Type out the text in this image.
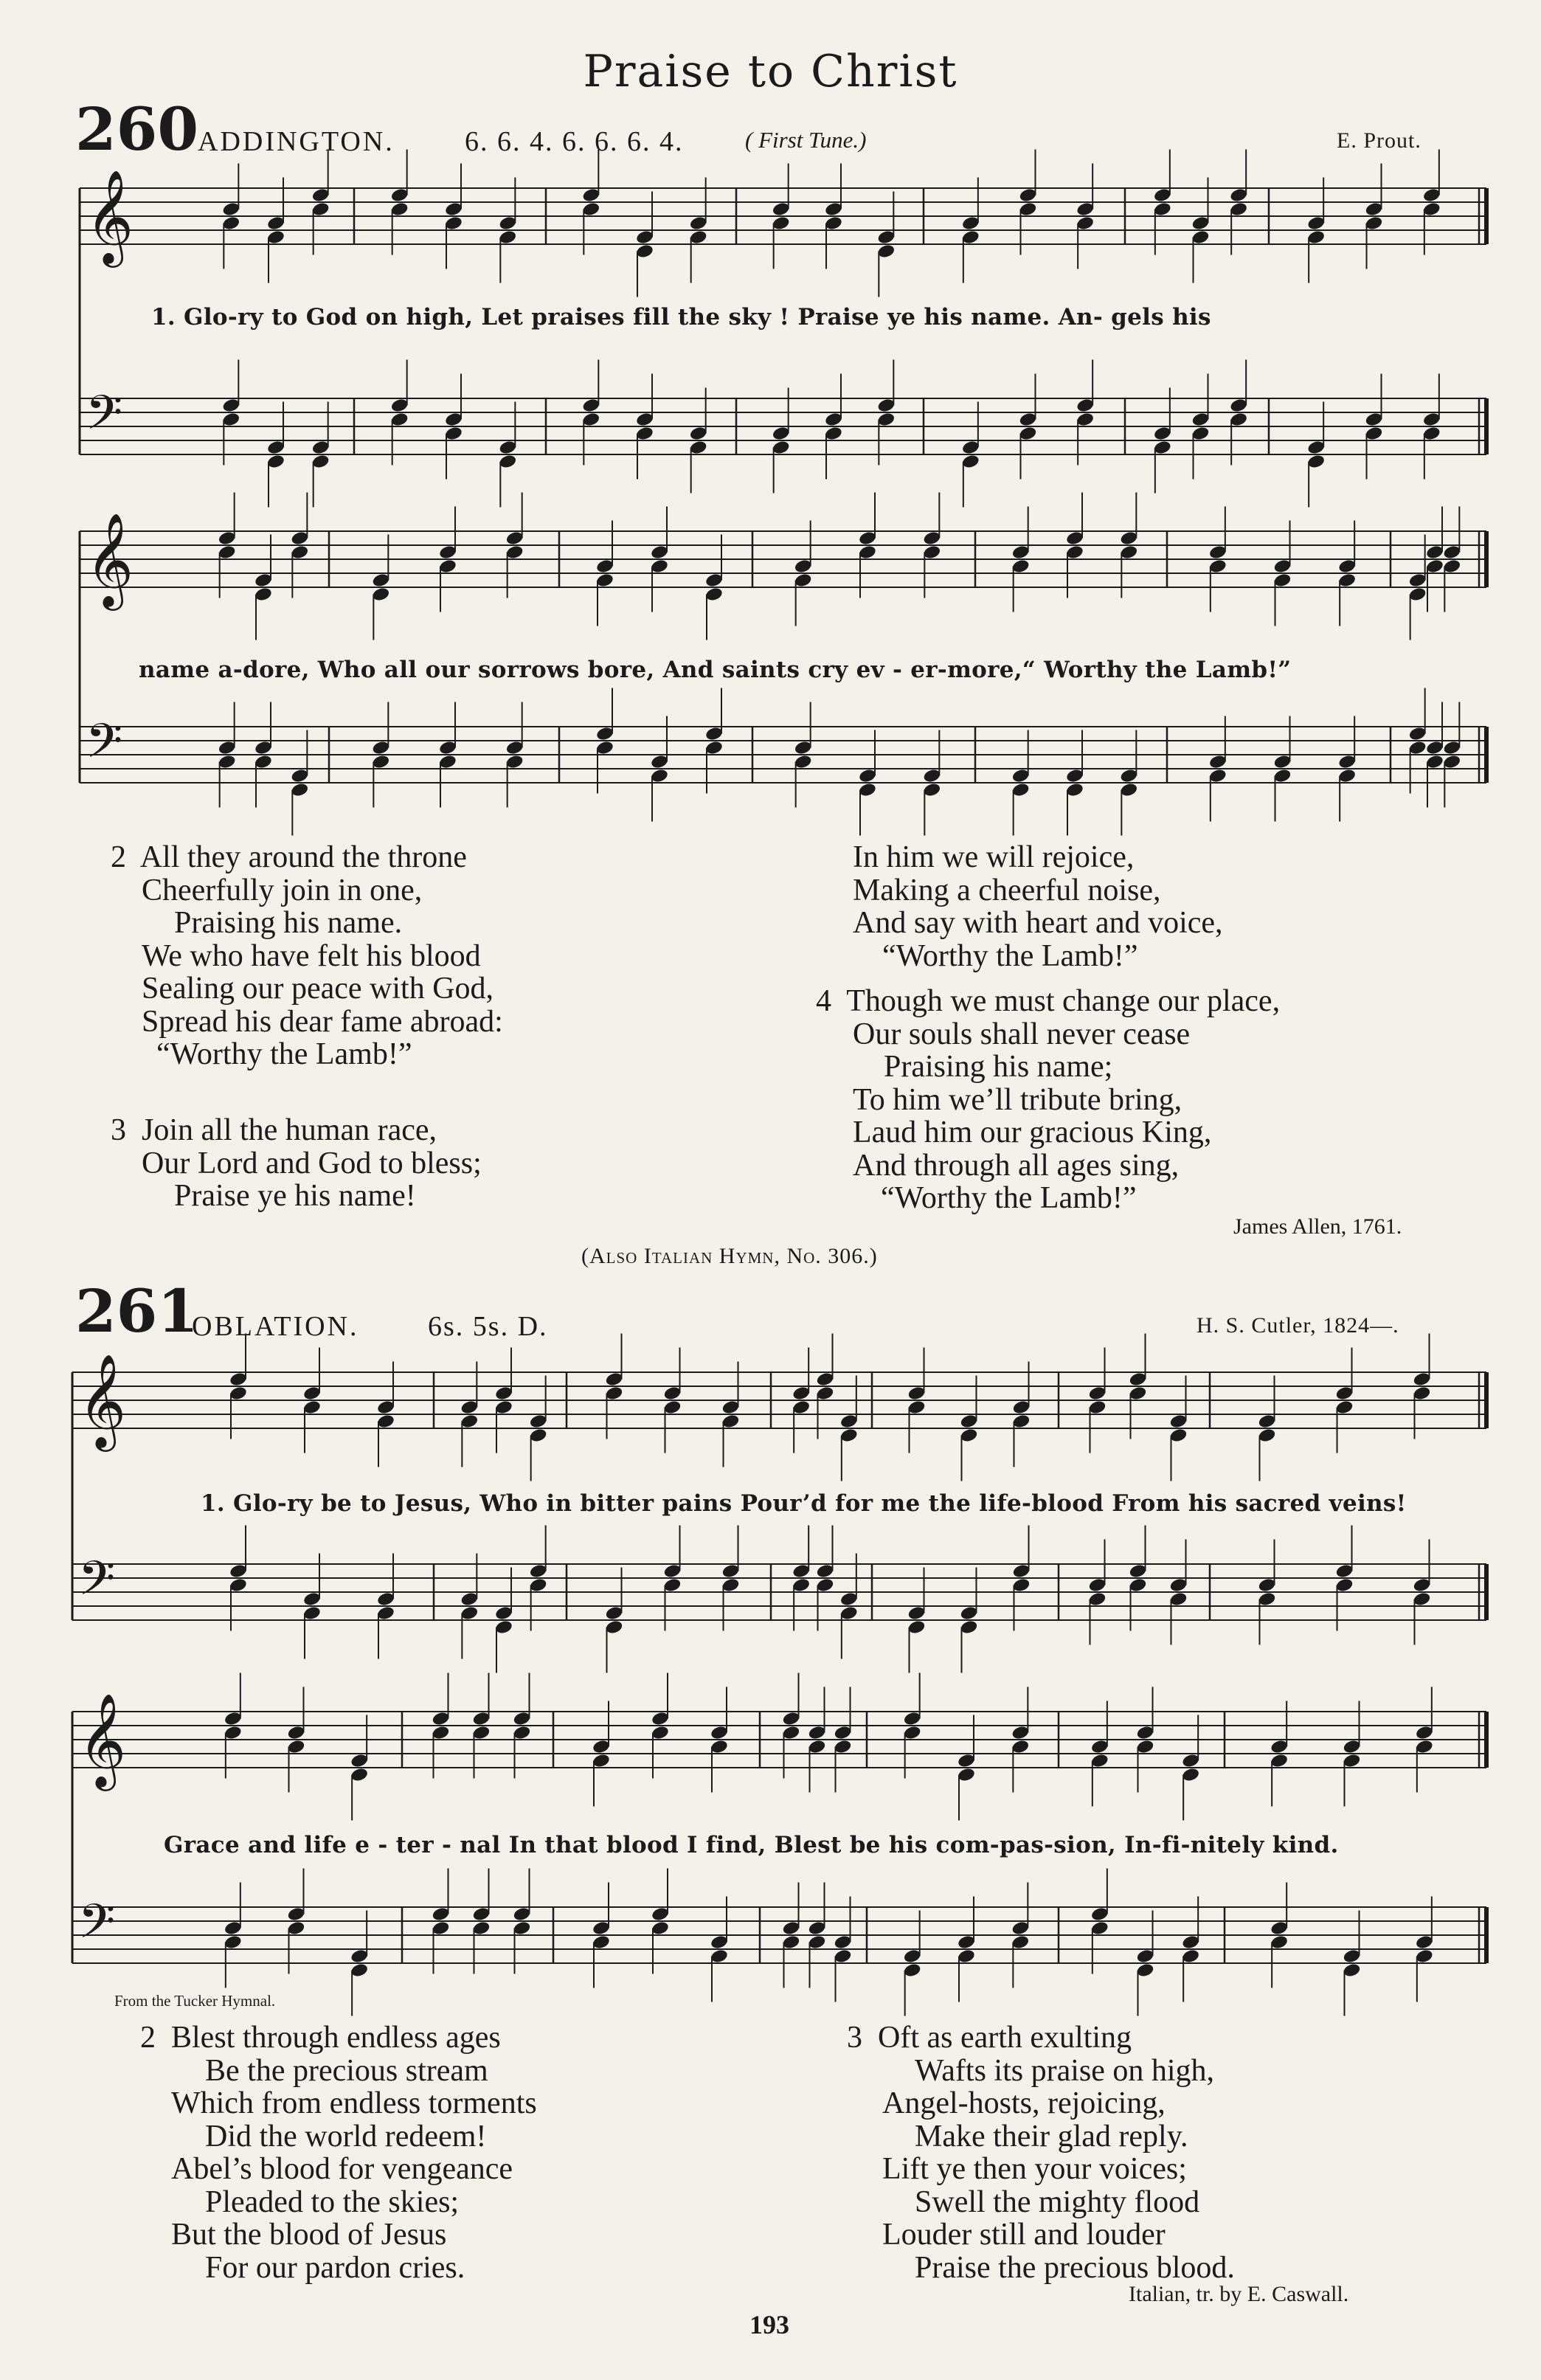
Praise to Christ
260 ADDINGTON.	6. 6. 4. 6. 6. 6. 4.	( First Tune.)	E. Prout.
𝄞
𝄢
𝄞
𝄢
𝄞
𝄢
𝄞
𝄢
1. Glo-ry to God on high, Let praises fill the sky ! Praise ye his name. An- gels his
name a-dore, Who all our sorrows bore, And saints cry ev - er-more,“ Worthy the Lamb!”
2 All they around the throne
Cheerfully join in one,
Praising his name.
We who have felt his blood
Sealing our peace with God,
Spread his dear fame abroad:
“Worthy the Lamb!”
3 Join all the human race,
Our Lord and God to bless;
Praise ye his name!
In him we will rejoice,
Making a cheerful noise,
And say with heart and voice,
“Worthy the Lamb!”
4 Though we must change our place,
Our souls shall never cease
Praising his name;
To him we’ll tribute bring,
Laud him our gracious King,
And through all ages sing,
“Worthy the Lamb!”
James Allen, 1761.
(Also Italian Hymn, No. 306.)
261
OBLATION. 6s. 5s. D.	H. S. Cutler, 1824—.
1. Glo-ry be to Jesus, Who in bitter pains Pour’d for me the life-blood From his sacred veins!
Grace and life e - ter - nal In that blood I find, Blest be his com-pas-sion, In-fi-nitely kind.
From the Tucker Hymnal.
2 Blest through endless ages
Be the precious stream
Which from endless torments
Did the world redeem!
Abel’s blood for vengeance
Pleaded to the skies;
But the blood of Jesus
For our pardon cries.
3 Oft as earth exulting
Wafts its praise on high,
Angel-hosts, rejoicing,
Make their glad reply.
Lift ye then your voices;
Swell the mighty flood
Louder still and louder
Praise the precious blood.
Italian, tr. by E. Caswall.
193
